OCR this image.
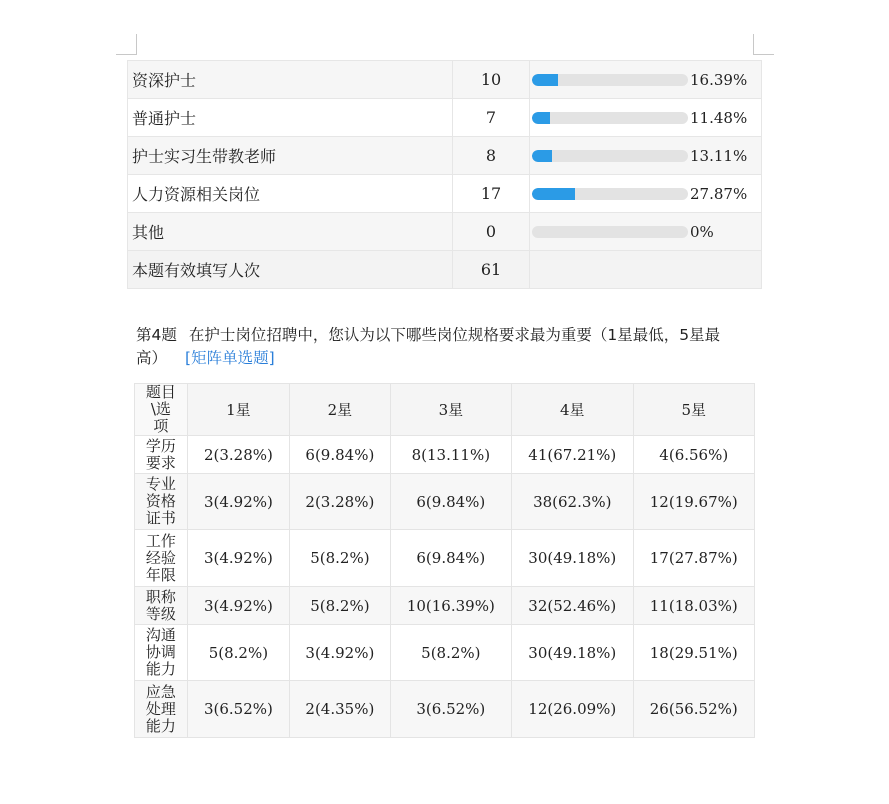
资深护士	10	16.39%

普通护士	7	11.48%

护士实习生带教老师	8	13.11%

人力资源相关岗位	17	27.87%

其他	0	0%

本题有效填写人次	61	
第4题 在护士岗位招聘中，您认为以下哪些岗位规格要求最为重要（1星最低，5星最高） [矩阵单选题]
题目\选项	1星	2星	3星	4星	5星
学历要求	2(3.28%)	6(9.84%)	8(13.11%)	41(67.21%)	4(6.56%)
专业资格证书	3(4.92%)	2(3.28%)	6(9.84%)	38(62.3%)	12(19.67%)
工作经验年限	3(4.92%)	5(8.2%)	6(9.84%)	30(49.18%)	17(27.87%)
职称等级	3(4.92%)	5(8.2%)	10(16.39%)	32(52.46%)	11(18.03%)
沟通协调能力	5(8.2%)	3(4.92%)	5(8.2%)	30(49.18%)	18(29.51%)
应急处理能力	3(6.52%)	2(4.35%)	3(6.52%)	12(26.09%)	26(56.52%)
